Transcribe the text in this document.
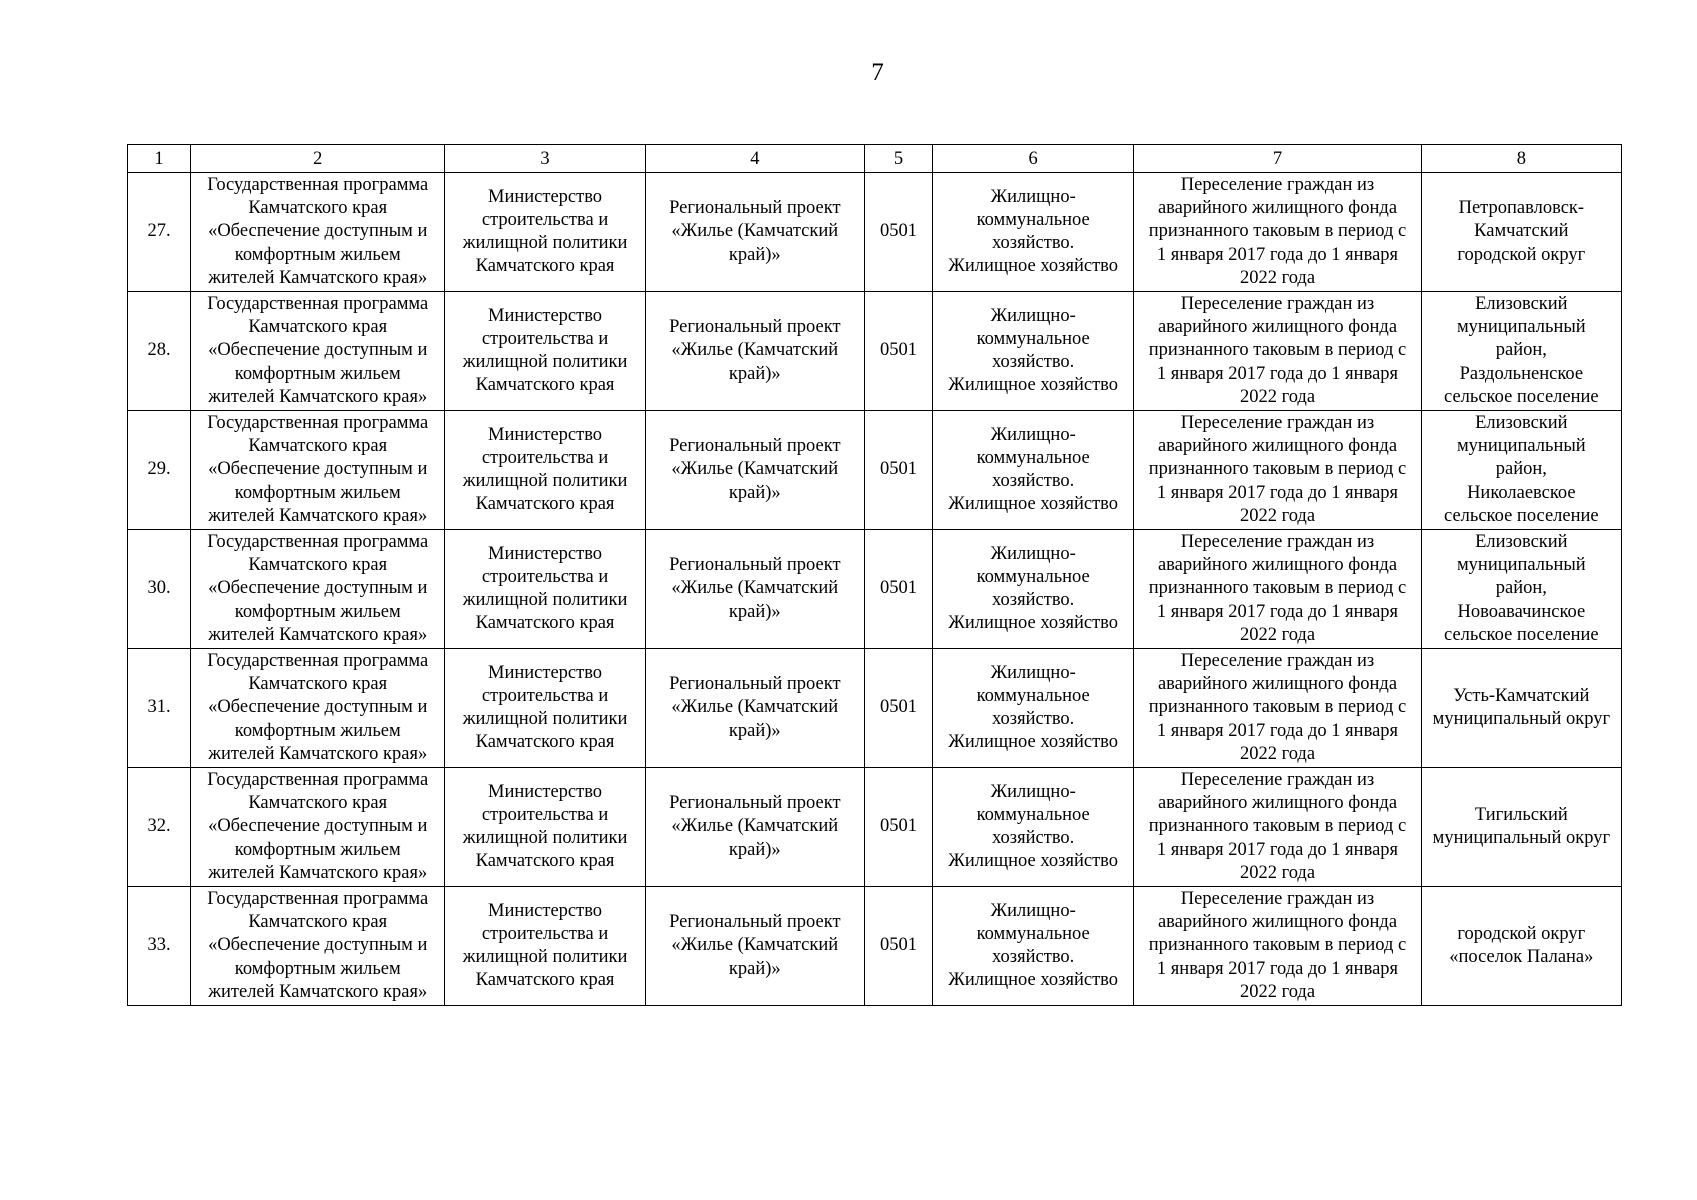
7
1	2	3	4	5	6	7	8
27.	Государственная программа
Камчатского края
«Обеспечение доступным и
комфортным жильем
жителей Камчатского края»	Министерство
строительства и
жилищной политики
Камчатского края	Региональный проект
«Жилье (Камчатский
край)»	0501	Жилищно-
коммунальное
хозяйство.
Жилищное хозяйство	Переселение граждан из
аварийного жилищного фонда
признанного таковым в период с
1 января 2017 года до 1 января
2022 года	Петропавловск-
Камчатский
городской округ
28.	Государственная программа
Камчатского края
«Обеспечение доступным и
комфортным жильем
жителей Камчатского края»	Министерство
строительства и
жилищной политики
Камчатского края	Региональный проект
«Жилье (Камчатский
край)»	0501	Жилищно-
коммунальное
хозяйство.
Жилищное хозяйство	Переселение граждан из
аварийного жилищного фонда
признанного таковым в период с
1 января 2017 года до 1 января
2022 года	Елизовский
муниципальный
район,
Раздольненское
сельское поселение
29.	Государственная программа
Камчатского края
«Обеспечение доступным и
комфортным жильем
жителей Камчатского края»	Министерство
строительства и
жилищной политики
Камчатского края	Региональный проект
«Жилье (Камчатский
край)»	0501	Жилищно-
коммунальное
хозяйство.
Жилищное хозяйство	Переселение граждан из
аварийного жилищного фонда
признанного таковым в период с
1 января 2017 года до 1 января
2022 года	Елизовский
муниципальный
район,
Николаевское
сельское поселение
30.	Государственная программа
Камчатского края
«Обеспечение доступным и
комфортным жильем
жителей Камчатского края»	Министерство
строительства и
жилищной политики
Камчатского края	Региональный проект
«Жилье (Камчатский
край)»	0501	Жилищно-
коммунальное
хозяйство.
Жилищное хозяйство	Переселение граждан из
аварийного жилищного фонда
признанного таковым в период с
1 января 2017 года до 1 января
2022 года	Елизовский
муниципальный
район,
Новоавачинское
сельское поселение
31.	Государственная программа
Камчатского края
«Обеспечение доступным и
комфортным жильем
жителей Камчатского края»	Министерство
строительства и
жилищной политики
Камчатского края	Региональный проект
«Жилье (Камчатский
край)»	0501	Жилищно-
коммунальное
хозяйство.
Жилищное хозяйство	Переселение граждан из
аварийного жилищного фонда
признанного таковым в период с
1 января 2017 года до 1 января
2022 года	Усть-Камчатский
муниципальный округ
32.	Государственная программа
Камчатского края
«Обеспечение доступным и
комфортным жильем
жителей Камчатского края»	Министерство
строительства и
жилищной политики
Камчатского края	Региональный проект
«Жилье (Камчатский
край)»	0501	Жилищно-
коммунальное
хозяйство.
Жилищное хозяйство	Переселение граждан из
аварийного жилищного фонда
признанного таковым в период с
1 января 2017 года до 1 января
2022 года	Тигильский
муниципальный округ
33.	Государственная программа
Камчатского края
«Обеспечение доступным и
комфортным жильем
жителей Камчатского края»	Министерство
строительства и
жилищной политики
Камчатского края	Региональный проект
«Жилье (Камчатский
край)»	0501	Жилищно-
коммунальное
хозяйство.
Жилищное хозяйство	Переселение граждан из
аварийного жилищного фонда
признанного таковым в период с
1 января 2017 года до 1 января
2022 года	городской округ
«поселок Палана»
